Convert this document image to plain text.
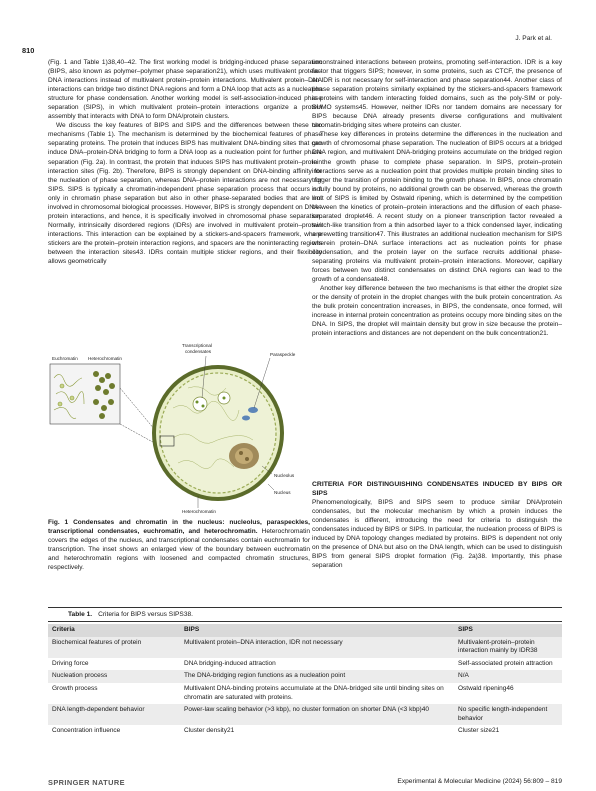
J. Park et al.
810

(Fig. 1 and Table 1)38,40–42. The first working model is bridging-induced phase separation (BIPS, also known as polymer–polymer phase separation21), which uses multivalent protein–DNA interactions instead of multivalent protein–protein interactions. Multivalent protein–DNA interactions can bridge two distinct DNA regions and form a DNA loop that acts as a nucleation structure for phase condensation. Another working model is self-association-induced phase separation (SIPS), in which multivalent protein–protein interactions organize a protein assembly that interacts with DNA to form DNA/protein clusters.

We discuss the key features of BIPS and SIPS and the differences between these two mechanisms (Table 1). The mechanism is determined by the biochemical features of phase separating proteins. The protein that induces BIPS has multivalent DNA-binding sites that can induce DNA–protein-DNA bridging to form a DNA loop as a nucleation point for further phase separation (Fig. 2a). In contrast, the protein that induces SIPS has multivalent protein–protein interaction sites (Fig. 2b). Therefore, BIPS is strongly dependent on DNA-binding affinity for the nucleation of phase separation, whereas DNA–protein interactions are not necessary for SIPS. SIPS is typically a chromatin-independent phase separation process that occurs not only in chromatin phase separation but also in other phase-separated bodies that are not involved in chromosomal biological processes. However, BIPS is strongly dependent on DNA–protein interactions, and hence, it is specifically involved in chromosomal phase separation. Normally, intrinsically disordered regions (IDRs) are involved in multivalent protein–protein interactions. This interaction can be explained by a stickers-and-spacers framework, where stickers are the protein–protein interaction regions, and spacers are the noninteracting regions between the interaction sites43. IDRs contain multiple sticker regions, and their flexibility allows geometrically

unconstrained interactions between proteins, promoting self-interaction. IDR is a key factor that triggers SIPS; however, in some proteins, such as CTCF, the presence of an IDR is not necessary for self-interaction and phase separation44. Another class of phase separation proteins similarly explained by the stickers-and-spacers framework is proteins with tandem interacting folded domains, such as the poly-SIM or poly-SUMO systems45. However, neither IDRs nor tandem domains are necessary for BIPS because DNA already presents diverse configurations and multivalent chromatin-bridging sites where proteins can cluster.

These key differences in proteins determine the differences in the nucleation and growth of chromosomal phase separation. The nucleation of BIPS occurs at a bridged DNA region, and multivalent DNA-bridging proteins accumulate on the bridged region in the growth phase to complete phase separation. In SIPS, protein–protein interactions serve as a nucleation point that provides multiple protein binding sites to trigger the transition of protein binding to the growth phase. In BIPS, once chromatin is fully bound by proteins, no additional growth can be observed, whereas the growth limit of SIPS is limited by Ostwald ripening, which is determined by the competition between the kinetics of protein–protein interactions and the diffusion of each phase-separated droplet46. A recent study on a pioneer transcription factor revealed a switch-like transition from a thin adsorbed layer to a thick condensed layer, indicating a prewetting transition47. This illustrates an additional nucleation mechanism for SIPS wherein protein–DNA surface interactions act as nucleation points for phase condensation, and the protein layer on the surface recruits additional phase-separating proteins via multivalent protein–protein interactions. Moreover, capillary forces between two distinct condensates on distinct DNA regions can lead to the growth of a condensate48.

Another key difference between the two mechanisms is that either the droplet size or the density of protein in the droplet changes with the bulk protein concentration. As the bulk protein concentration increases, in BIPS, the condensate, once formed, will increase in internal protein concentration as proteins occupy more binding sites on the DNA. In SIPS, the droplet will maintain density but grow in size because the protein–protein interactions and distances are not dependent on the bulk concentration21.

CRITERIA FOR DISTINGUISHING CONDENSATES INDUCED BY BIPS OR SIPS

Phenomenologically, BIPS and SIPS seem to produce similar DNA/protein condensates, but the molecular mechanism by which a protein induces the condensates is different, introducing the need for criteria to distinguish the condensates induced by BIPS or SIPS. In particular, the nucleation process of BIPS is induced by DNA topology changes mediated by proteins. BIPS is dependent not only on the presence of DNA but also on the DNA length, which can be used to distinguish BIPS from general SIPS droplet formation (Fig. 2a)38. Importantly, this phase separation

Euchromatin Heterochromatin
Transcriptional condensates
Paraspeckle
Nucleolus
Nucleus
Heterochromatin
Fig. 1 Condensates and chromatin in the nucleus: nucleolus, paraspeckles, transcriptional condensates, euchromatin, and heterochromatin. Heterochromatin covers the edges of the nucleus, and transcriptional condensates contain euchromatin for transcription. The inset shows an enlarged view of the boundary between euchromatin and heterochromatin regions with loosened and compacted chromatin structures, respectively.
Table 1. Criteria for BIPS versus SIPS38.
Criteria	BIPS	SIPS
Biochemical features of protein	Multivalent protein–DNA interaction, IDR not necessary	Multivalent-protein–protein interaction mainly by IDR38
Driving force	DNA bridging-induced attraction	Self-associated protein attraction
Nucleation process	The DNA-bridging region functions as a nucleation point	N/A
Growth process	Multivalent DNA-binding proteins accumulate at the DNA-bridged site until binding sites on chromatin are saturated with proteins.	Ostwald ripening46
DNA length-dependent behavior	Power-law scaling behavior (>3 kbp), no cluster formation on shorter DNA (<3 kbp)40	No specific length-independent behavior
Concentration influence	Cluster density21	Cluster size21
SPRINGER NATURE	Experimental & Molecular Medicine (2024) 56:809 – 819
